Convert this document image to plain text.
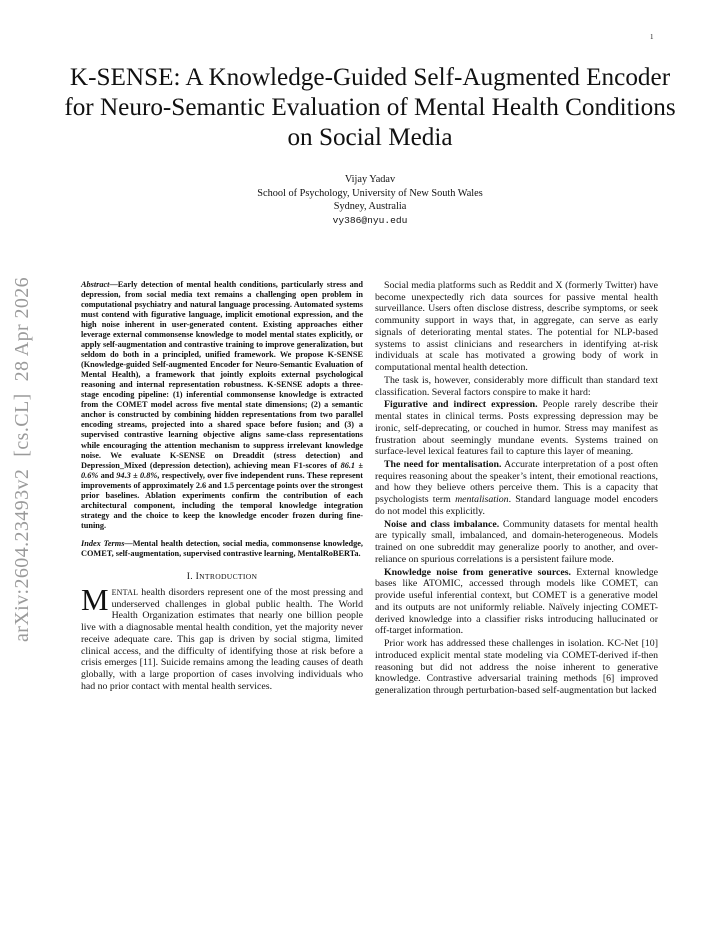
1
K-SENSE: A Knowledge-Guided Self-Augmented Encoder for Neuro-Semantic Evaluation of Mental Health Conditions on Social Media
Vijay Yadav
School of Psychology, University of New South Wales
Sydney, Australia
vy386@nyu.edu
arXiv:2604.23493v2[cs.CL]28 Apr 2026	Abstract—Early detection of mental health conditions, particularly stress and depression, from social media text remains a challenging open problem in computational psychiatry and natural language processing. Automated systems must contend with figurative language, implicit emotional expression, and the high noise inherent in user-generated content. Existing approaches either leverage external commonsense knowledge to model mental states explicitly, or apply self-augmentation and contrastive training to improve generalization, but seldom do both in a principled, unified framework. We propose K-SENSE (Knowledge-guided Self-augmented Encoder for Neuro-Semantic Evaluation of Mental Health), a framework that jointly exploits external psychological reasoning and internal representation robustness. K-SENSE adopts a three-stage encoding pipeline: (1) inferential commonsense knowledge is extracted from the COMET model across five mental state dimensions; (2) a semantic anchor is constructed by combining hidden representations from two parallel encoding streams, projected into a shared space before fusion; and (3) a supervised contrastive learning objective aligns same-class representations while encouraging the attention mechanism to suppress irrelevant knowledge noise. We evaluate K-SENSE on Dreaddit (stress detection) and Depression_Mixed (depression detection), achieving mean F1-scores of 86.1 ± 0.6% and 94.3 ± 0.8%, respectively, over five independent runs. These represent improvements of approximately 2.6 and 1.5 percentage points over the strongest prior baselines. Ablation experiments confirm the contribution of each architectural component, including the temporal knowledge integration strategy and the choice to keep the knowledge encoder frozen during fine-tuning.

Index Terms—Mental health detection, social media, commonsense knowledge, COMET, self-augmentation, supervised contrastive learning, MentalRoBERTa.

I. INTRODUCTION

MENTAL health disorders represent one of the most pressing and underserved challenges in global public health. The World Health Organization estimates that nearly one billion people live with a diagnosable mental health condition, yet the majority never receive adequate care. This gap is driven by social stigma, limited clinical access, and the difficulty of identifying those at risk before a crisis emerges [11]. Suicide remains among the leading causes of death globally, with a large proportion of cases involving individuals who had no prior contact with mental health services.

Social media platforms such as Reddit and X (formerly Twitter) have become unexpectedly rich data sources for passive mental health surveillance. Users often disclose distress, describe symptoms, or seek community support in ways that, in aggregate, can serve as early signals of deteriorating mental states. The potential for NLP-based systems to assist clinicians and researchers in identifying at-risk individuals at scale has motivated a growing body of work in computational mental health detection.

The task is, however, considerably more difficult than standard text classification. Several factors conspire to make it hard:

Figurative and indirect expression. People rarely describe their mental states in clinical terms. Posts expressing depression may be ironic, self-deprecating, or couched in humor. Stress may manifest as frustration about seemingly mundane events. Systems trained on surface-level lexical features fail to capture this layer of meaning.

The need for mentalisation. Accurate interpretation of a post often requires reasoning about the speaker’s intent, their emotional reactions, and how they believe others perceive them. This is a capacity that psychologists term mentalisation. Standard language model encoders do not model this explicitly.

Noise and class imbalance. Community datasets for mental health are typically small, imbalanced, and domain-heterogeneous. Models trained on one subreddit may generalize poorly to another, and over-reliance on spurious correlations is a persistent failure mode.

Knowledge noise from generative sources. External knowledge bases like ATOMIC, accessed through models like COMET, can provide useful inferential context, but COMET is a generative model and its outputs are not uniformly reliable. Naïvely injecting COMET-derived knowledge into a classifier risks introducing hallucinated or off-target information.

Prior work has addressed these challenges in isolation. KC-Net [10] introduced explicit mental state modeling via COMET-derived if-then reasoning but did not address the noise inherent to generative knowledge. Contrastive adversarial training methods [6] improved generalization through perturbation-based self-augmentation but lacked
